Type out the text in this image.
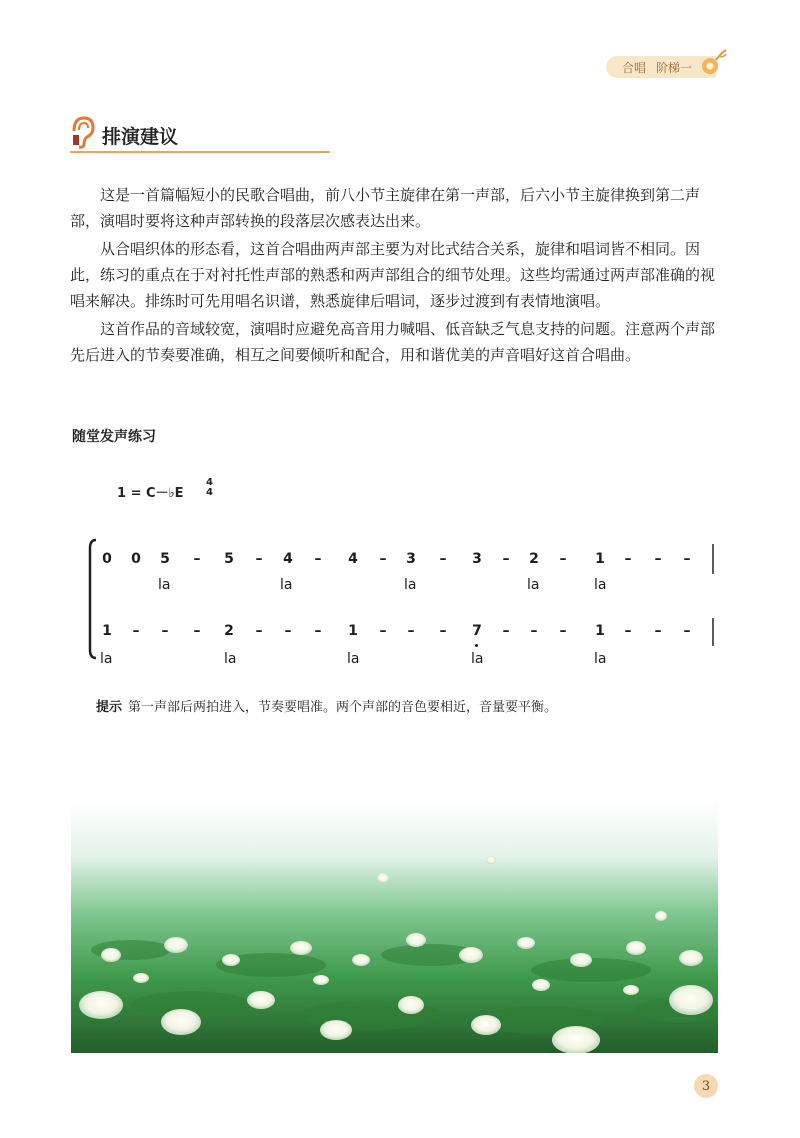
合唱 阶梯一
排演建议

这是一首篇幅短小的民歌合唱曲，前八小节主旋律在第一声部，后六小节主旋律换到第二声部，演唱时要将这种声部转换的段落层次感表达出来。

从合唱织体的形态看，这首合唱曲两声部主要为对比式结合关系，旋律和唱词皆不相同。因此，练习的重点在于对衬托性声部的熟悉和两声部组合的细节处理。这些均需通过两声部准确的视唱来解决。排练时可先用唱名识谱，熟悉旋律后唱词，逐步过渡到有表情地演唱。

这首作品的音域较宽，演唱时应避免高音用力喊唱、低音缺乏气息支持的问题。注意两个声部先后进入的节奏要准确，相互之间要倾听和配合，用和谐优美的声音唱好这首合唱曲。

随堂发声练习
1 = C－♭E
4
4
0 0 5 – 5 – 4 – 4 – 3 – 3 – 2 – 1 – – –
la	la	la	la	la
1 – – – 2 – – – 1 – – – 7 – – – 1 – – –
la	la	la	la	la
提示 第一声部后两拍进入，节奏要唱准。两个声部的音色要相近，音量要平衡。
3
